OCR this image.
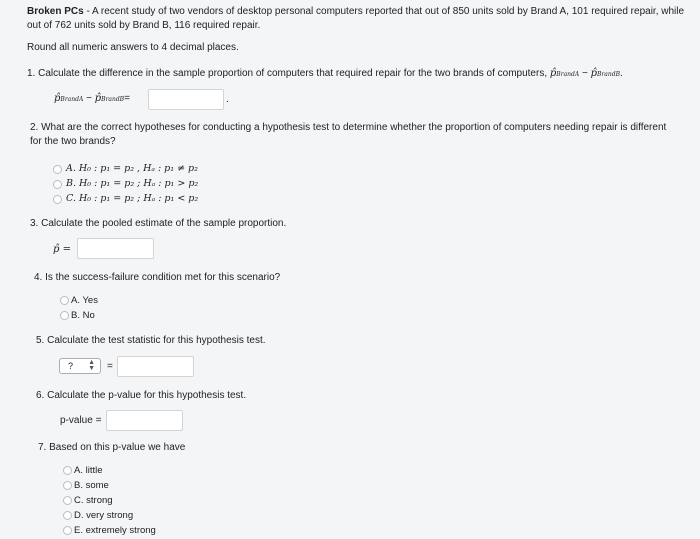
Broken PCs - A recent study of two vendors of desktop personal computers reported that out of 850 units sold by Brand A, 101 required repair, while out of 762 units sold by Brand B, 116 required repair.
Round all numeric answers to 4 decimal places.
1. Calculate the difference in the sample proportion of computers that required repair for the two brands of computers, p̂BrandA − p̂BrandB.
p̂BrandA − p̂BrandB=	.
2. What are the correct hypotheses for conducting a hypothesis test to determine whether the proportion of computers needing repair is different for the two brands?
A. H₀ : p₁ = p₂ , Hₐ : p₁ ≠ p₂
B. H₀ : p₁ = p₂ ; Hₐ : p₁ > p₂
C. H₀ : p₁ = p₂ ; Hₐ : p₁ < p₂
3. Calculate the pooled estimate of the sample proportion.
p̂ =
4. Is the success-failure condition met for this scenario?
A. Yes
B. No
5. Calculate the test statistic for this hypothesis test.
? ▲
▼ =
6. Calculate the p-value for this hypothesis test.
p-value =
7. Based on this p-value we have
A. little
B. some
C. strong
D. very strong
E. extremely strong
